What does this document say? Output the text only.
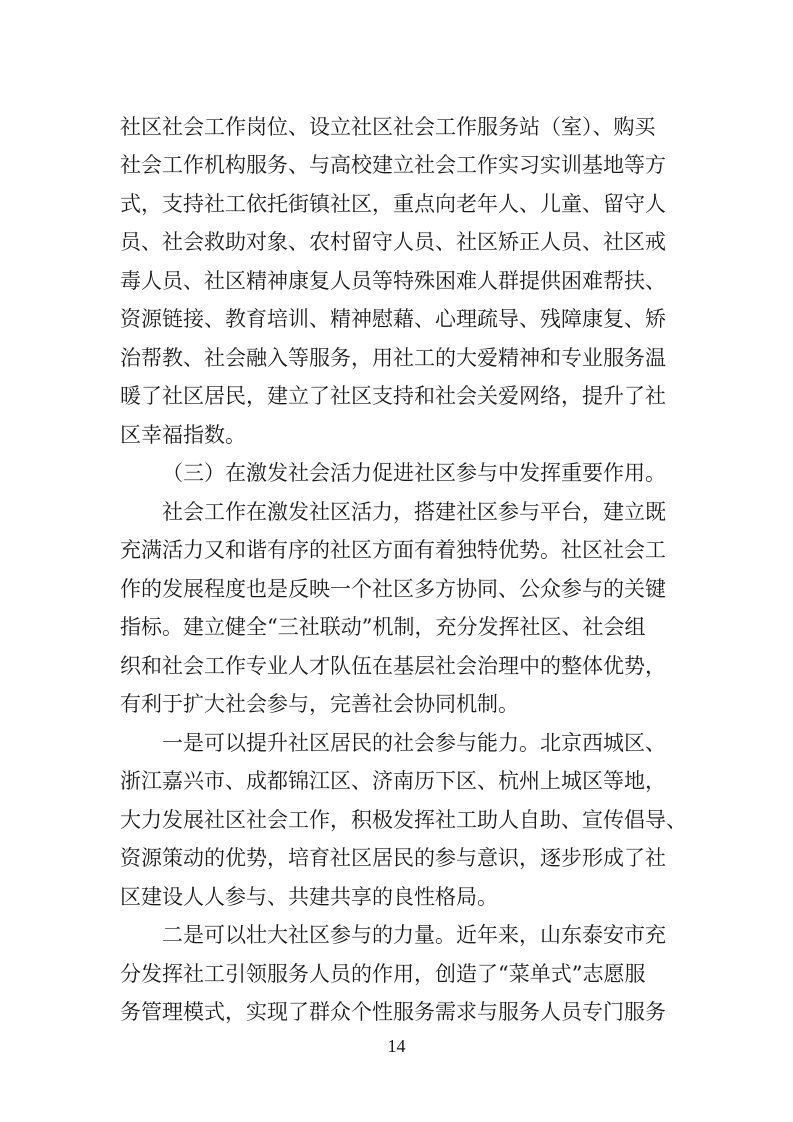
社区社会工作岗位、设立社区社会工作服务站（室）、购买
社会工作机构服务、与高校建立社会工作实习实训基地等方
式，支持社工依托街镇社区，重点向老年人、儿童、留守人
员、社会救助对象、农村留守人员、社区矫正人员、社区戒
毒人员、社区精神康复人员等特殊困难人群提供困难帮扶、
资源链接、教育培训、精神慰藉、心理疏导、残障康复、矫
治帮教、社会融入等服务，用社工的大爱精神和专业服务温
暖了社区居民，建立了社区支持和社会关爱网络，提升了社
区幸福指数。
（三）在激发社会活力促进社区参与中发挥重要作用。
社会工作在激发社区活力，搭建社区参与平台，建立既
充满活力又和谐有序的社区方面有着独特优势。社区社会工
作的发展程度也是反映一个社区多方协同、公众参与的关键
指标。建立健全“三社联动”机制，充分发挥社区、社会组
织和社会工作专业人才队伍在基层社会治理中的整体优势，
有利于扩大社会参与，完善社会协同机制。
一是可以提升社区居民的社会参与能力。北京西城区、
浙江嘉兴市、成都锦江区、济南历下区、杭州上城区等地，
大力发展社区社会工作，积极发挥社工助人自助、宣传倡导、
资源策动的优势，培育社区居民的参与意识，逐步形成了社
区建设人人参与、共建共享的良性格局。
二是可以壮大社区参与的力量。近年来，山东泰安市充
分发挥社工引领服务人员的作用，创造了“菜单式”志愿服
务管理模式，实现了群众个性服务需求与服务人员专门服务
14
